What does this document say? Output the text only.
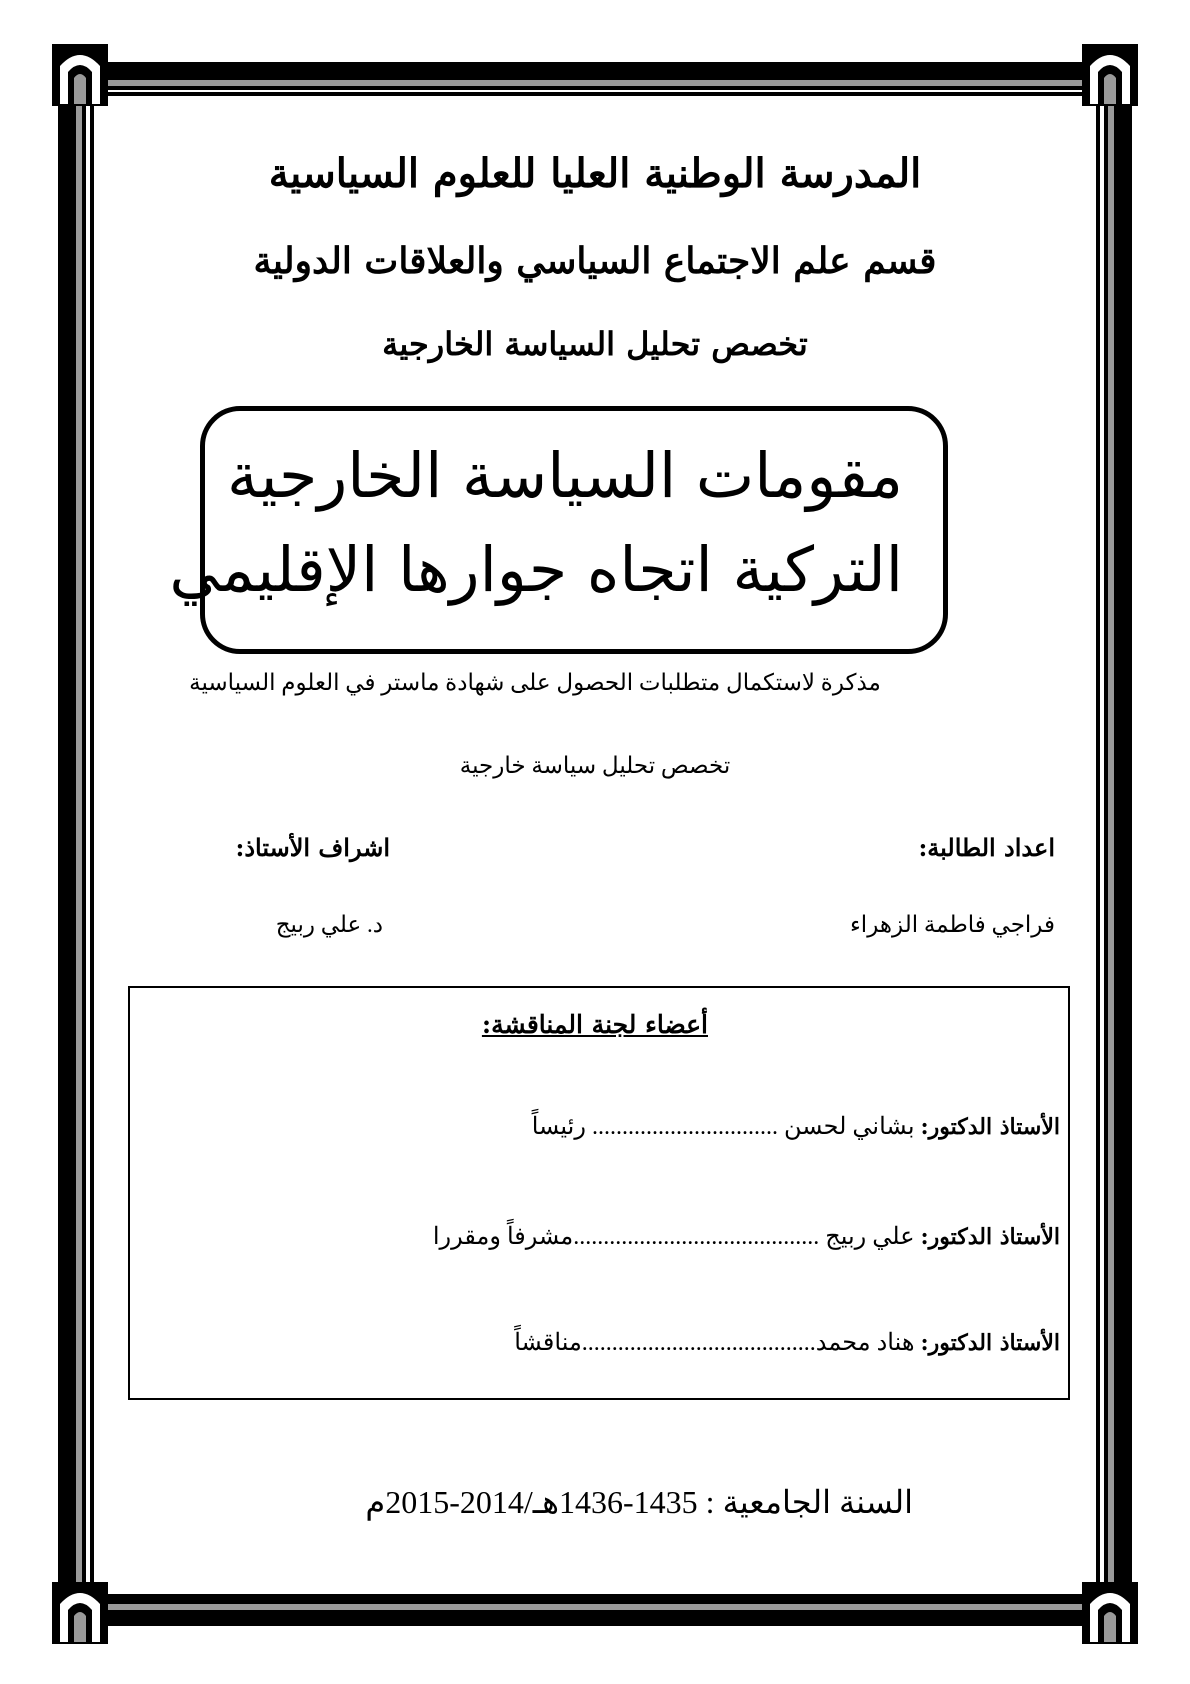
المدرسة الوطنية العليا للعلوم السياسية
قسم علم الاجتماع السياسي والعلاقات الدولية
تخصص تحليل السياسة الخارجية
مقومات السياسة الخارجية
التركية اتجاه جوارها الإقليمي
مذكرة لاستكمال متطلبات الحصول على شهادة ماستر في العلوم السياسية
تخصص تحليل سياسة خارجية
اعداد الطالبة:
اشراف الأستاذ:
فراجي فاطمة الزهراء
د. علي ربيج
أعضاء لجنة المناقشة:
الأستاذ الدكتور: بشاني لحسن ............................... رئيساً
الأستاذ الدكتور: علي ربيج .........................................مشرفاً ومقررا
الأستاذ الدكتور: هناد محمد.......................................مناقشاً
السنة الجامعية : 1435-1436هـ/2014-2015م
